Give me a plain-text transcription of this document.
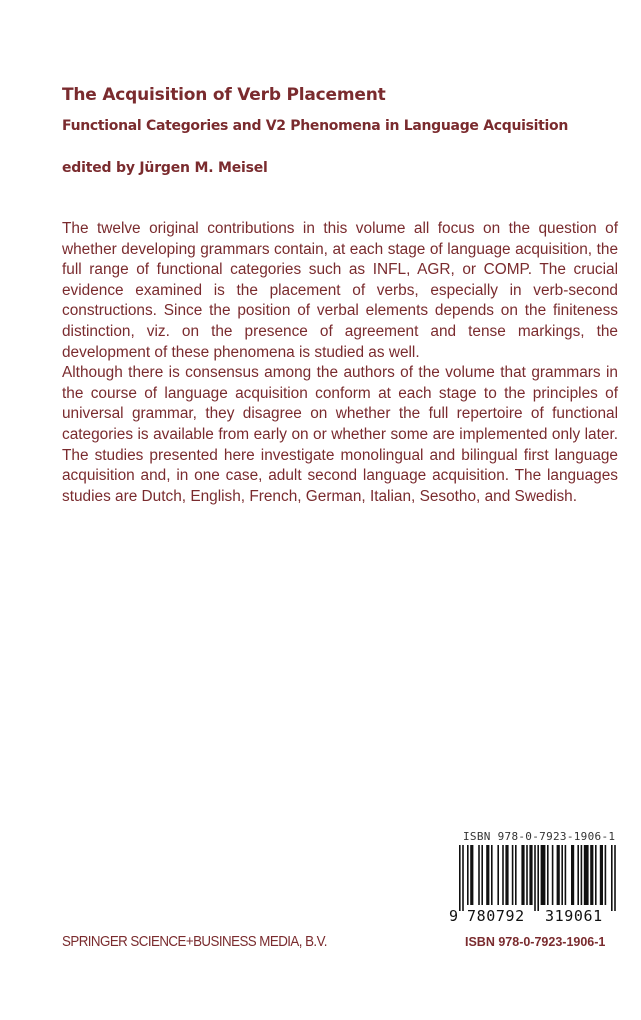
The Acquisition of Verb Placement
Functional Categories and V2 Phenomena in Language Acquisition
edited by Jürgen M. Meisel

The twelve original contributions in this volume all focus on the question of whether developing grammars contain, at each stage of language acquisition, the full range of functional categories such as INFL, AGR, or COMP. The crucial evidence examined is the placement of verbs, especially in verb-second constructions. Since the position of verbal elements depends on the finiteness distinction, viz. on the presence of agreement and tense markings, the development of these phenomena is studied as well.

Although there is consensus among the authors of the volume that grammars in the course of language acquisition conform at each stage to the principles of universal grammar, they disagree on whether the full repertoire of functional categories is available from early on or whether some are implemented only later. The studies presented here investigate monolingual and bilingual first language acquisition and, in one case, adult second language acquisition. The languages studies are Dutch, English, French, German, Italian, Sesotho, and Swedish.

ISBN 978-0-7923-1906-1
9 780792 319061
SPRINGER SCIENCE+BUSINESS MEDIA, B.V.	ISBN 978-0-7923-1906-1
